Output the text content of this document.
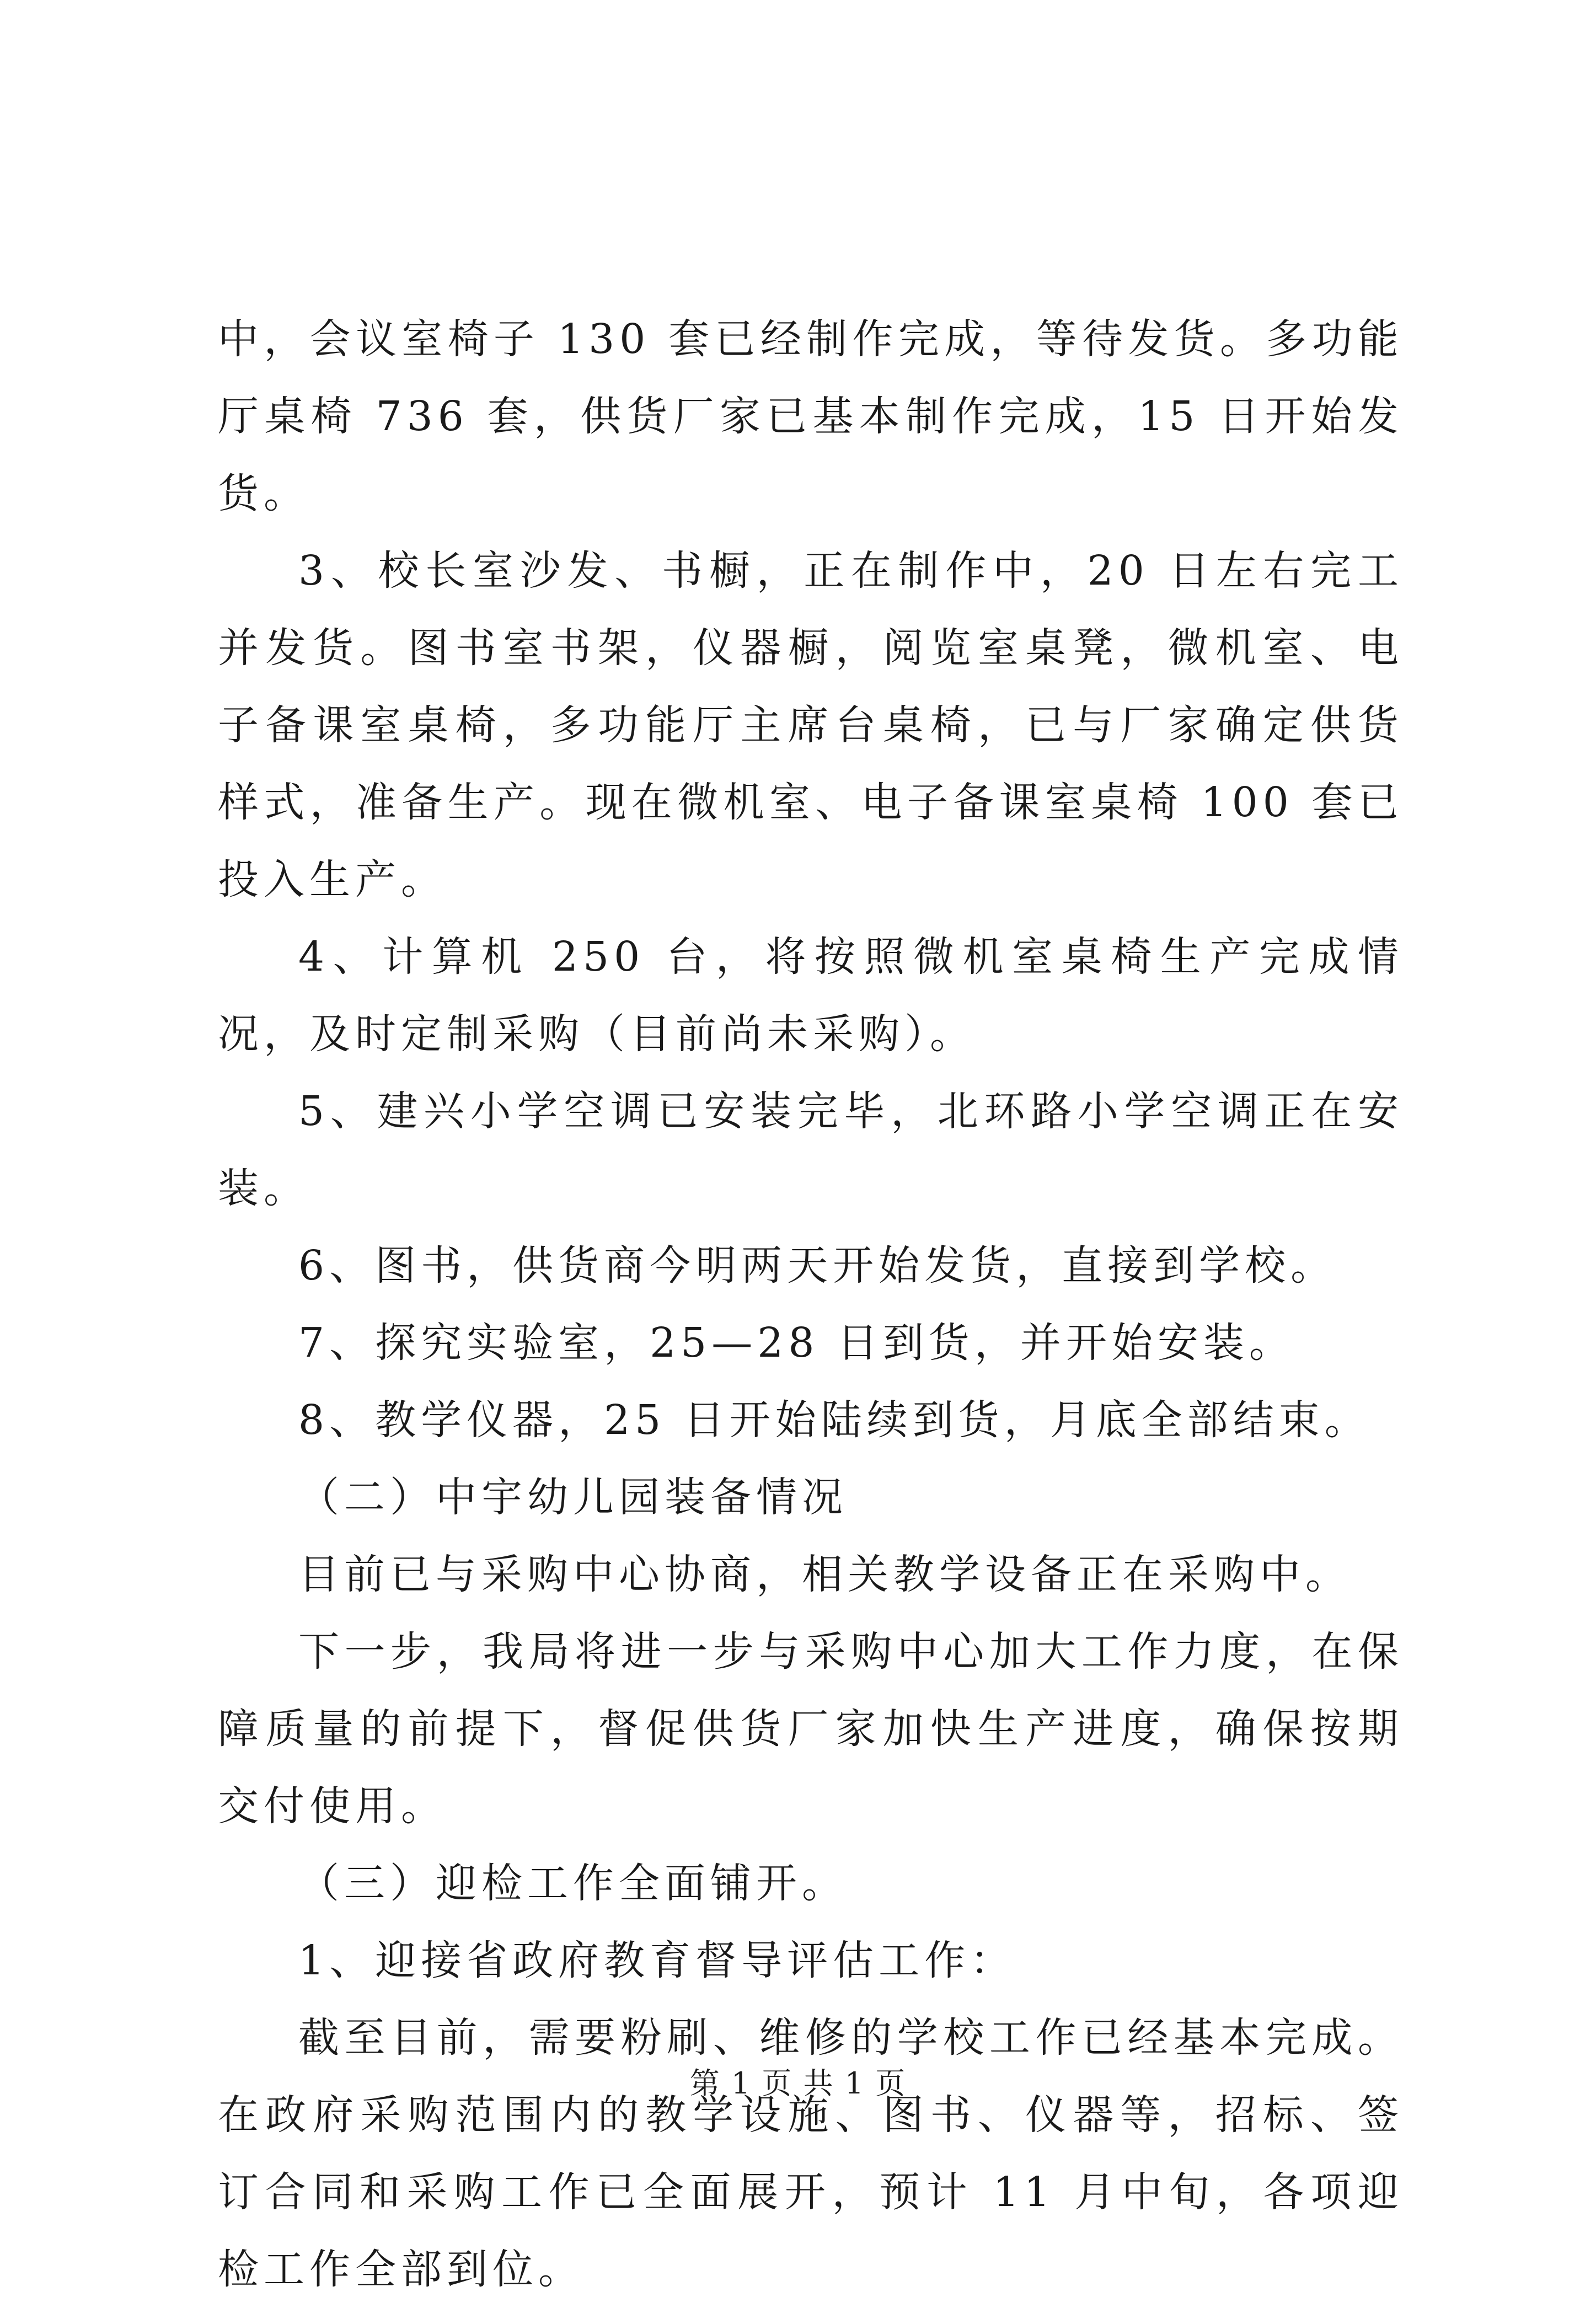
中，会议室椅子 130 套已经制作完成，等待发货。多功能厅桌椅 736 套，供货厂家已基本制作完成，15 日开始发货。

3、校长室沙发、书橱，正在制作中，20 日左右完工并发货。图书室书架，仪器橱，阅览室桌凳，微机室、电子备课室桌椅，多功能厅主席台桌椅，已与厂家确定供货样式，准备生产。现在微机室、电子备课室桌椅 100 套已投入生产。

4、计算机 250 台，将按照微机室桌椅生产完成情况，及时定制采购（目前尚未采购）。

5、建兴小学空调已安装完毕，北环路小学空调正在安装。

6、图书，供货商今明两天开始发货，直接到学校。

7、探究实验室，25—28 日到货，并开始安装。

8、教学仪器，25 日开始陆续到货，月底全部结束。

（二）中宇幼儿园装备情况

目前已与采购中心协商，相关教学设备正在采购中。

下一步，我局将进一步与采购中心加大工作力度，在保障质量的前提下，督促供货厂家加快生产进度，确保按期交付使用。

（三）迎检工作全面铺开。

1、迎接省政府教育督导评估工作：

截至目前，需要粉刷、维修的学校工作已经基本完成。在政府采购范围内的教学设施、图书、仪器等，招标、签订合同和采购工作已全面展开，预计 11 月中旬，各项迎检工作全部到位。

第 1 页 共 1 页
